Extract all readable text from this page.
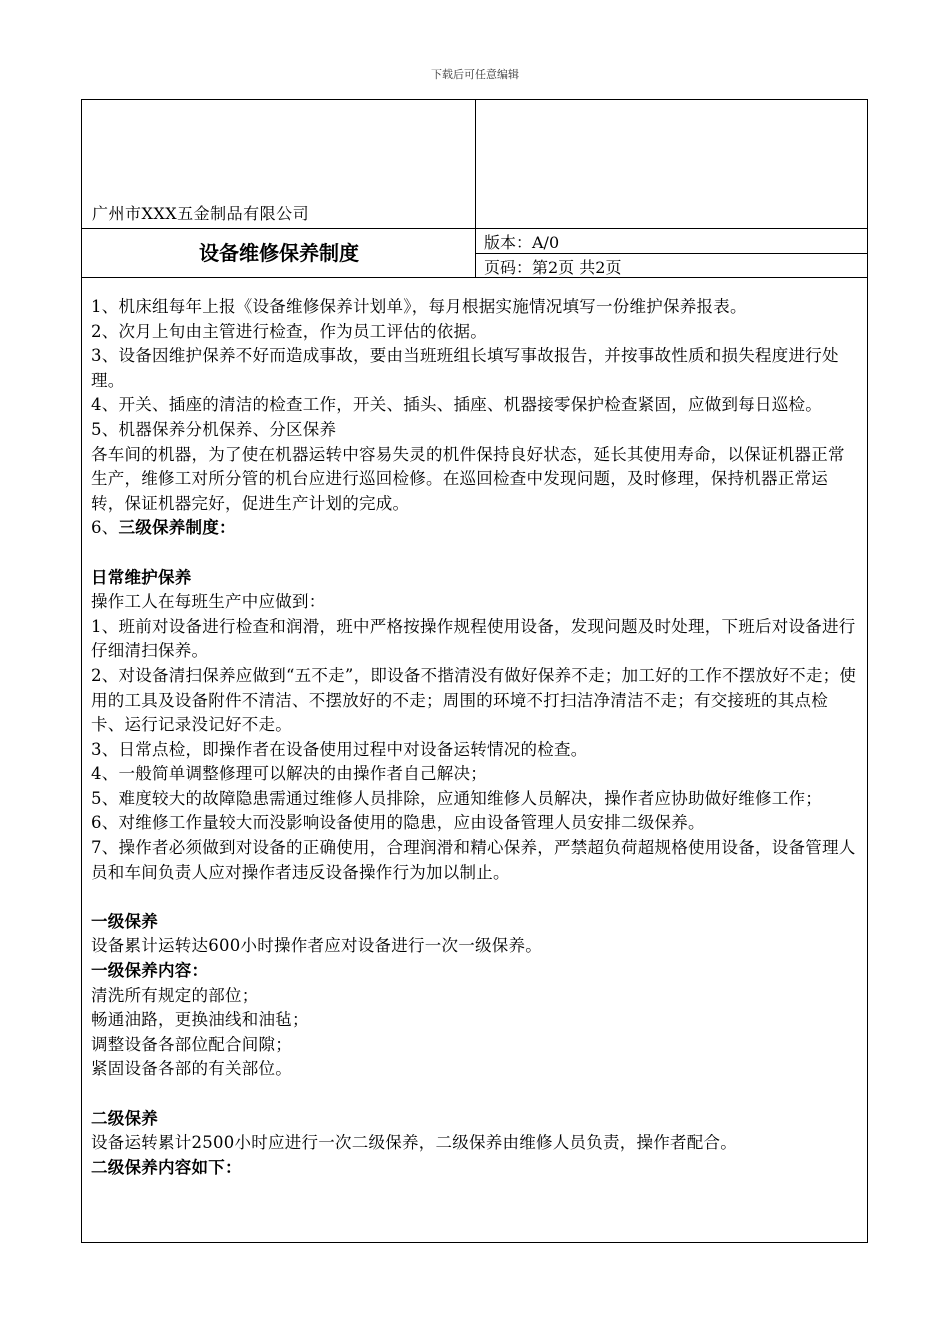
下载后可任意编辑
广州市XXX五金制品有限公司
设备维修保养制度	版本：A/0
页码：第2页 共2页

1、机床组每年上报《设备维修保养计划单》，每月根据实施情况填写一份维护保养报表。

2、次月上旬由主管进行检查，作为员工评估的依据。

3、设备因维护保养不好而造成事故，要由当班班组长填写事故报告，并按事故性质和损失程度进行处理。

4、开关、插座的清洁的检查工作，开关、插头、插座、机器接零保护检查紧固，应做到每日巡检。

5、机器保养分机保养、分区保养

各车间的机器，为了使在机器运转中容易失灵的机件保持良好状态，延长其使用寿命，以保证机器正常生产，维修工对所分管的机台应进行巡回检修。在巡回检查中发现问题，及时修理，保持机器正常运转，保证机器完好，促进生产计划的完成。

6、三级保养制度：

日常维护保养

操作工人在每班生产中应做到：

1、班前对设备进行检查和润滑，班中严格按操作规程使用设备，发现问题及时处理，下班后对设备进行仔细清扫保养。

2、对设备清扫保养应做到“五不走”，即设备不揩清没有做好保养不走；加工好的工作不摆放好不走；使用的工具及设备附件不清洁、不摆放好的不走；周围的环境不打扫洁净清洁不走；有交接班的其点检卡、运行记录没记好不走。

3、日常点检，即操作者在设备使用过程中对设备运转情况的检查。

4、一般简单调整修理可以解决的由操作者自己解决；

5、难度较大的故障隐患需通过维修人员排除，应通知维修人员解决，操作者应协助做好维修工作；

6、对维修工作量较大而没影响设备使用的隐患，应由设备管理人员安排二级保养。

7、操作者必须做到对设备的正确使用，合理润滑和精心保养，严禁超负荷超规格使用设备，设备管理人员和车间负责人应对操作者违反设备操作行为加以制止。

一级保养

设备累计运转达600小时操作者应对设备进行一次一级保养。

一级保养内容：

清洗所有规定的部位；

畅通油路，更换油线和油毡；

调整设备各部位配合间隙；

紧固设备各部的有关部位。

二级保养

设备运转累计2500小时应进行一次二级保养，二级保养由维修人员负责，操作者配合。

二级保养内容如下：
